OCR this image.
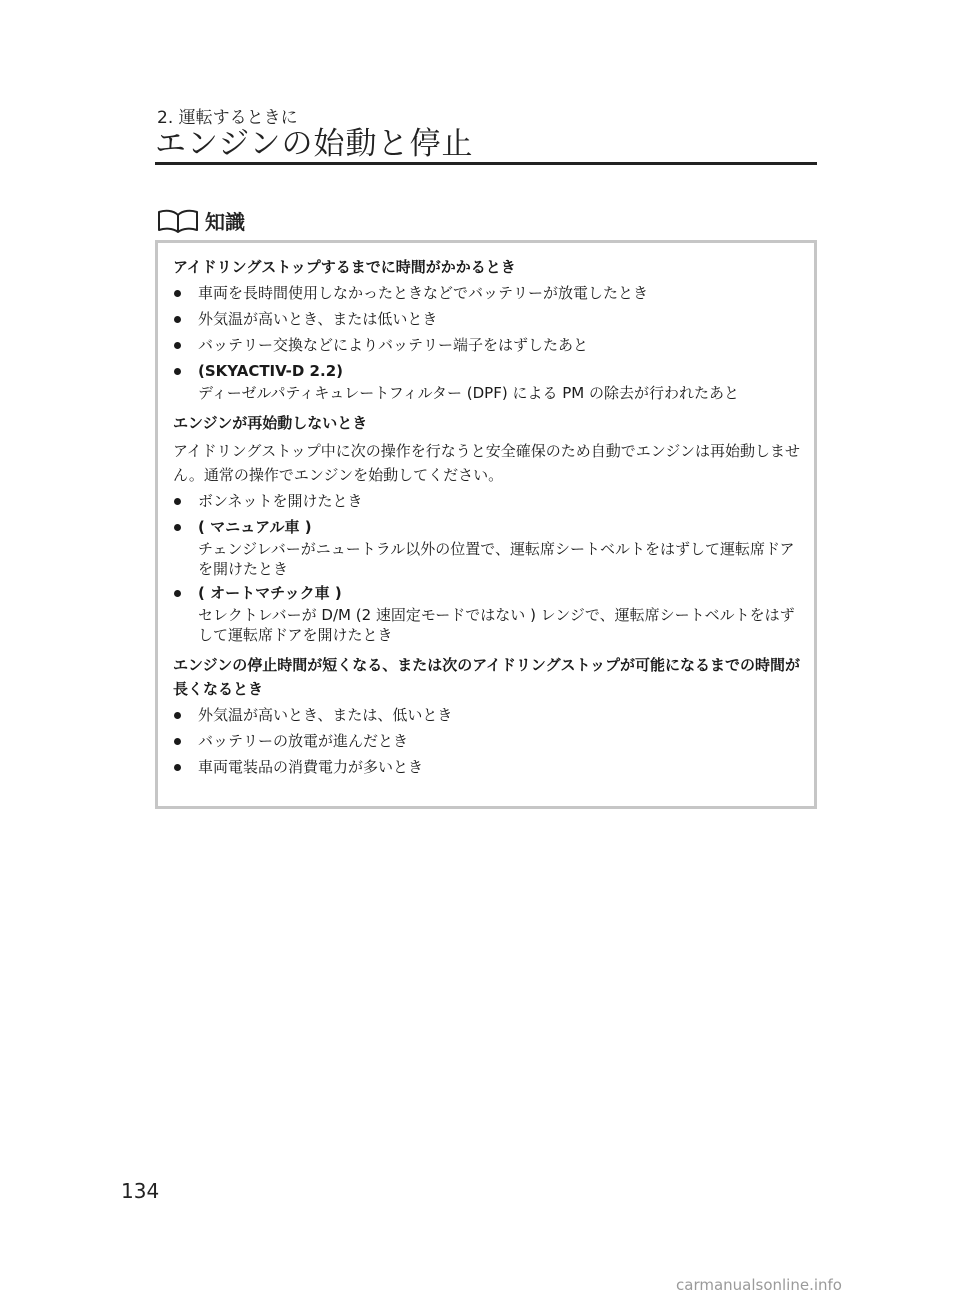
2. 運転するときに
エンジンの始動と停止
知識

アイドリングストップするまでに時間がかかるとき

車両を長時間使用しなかったときなどでバッテリーが放電したとき
外気温が高いとき、または低いとき
バッテリー交換などによりバッテリー端子をはずしたあと
(SKYACTIV-D 2.2)
ディーゼルパティキュレートフィルター (DPF) による PM の除去が行われたあと

エンジンが再始動しないとき

アイドリングストップ中に次の操作を行なうと安全確保のため自動でエンジンは再始動しません。通常の操作でエンジンを始動してください。
ボンネットを開けたとき
( マニュアル車 )
チェンジレバーがニュートラル以外の位置で、運転席シートベルトをはずして運転席ドアを開けたとき
( オートマチック車 )
セレクトレバーが D/M (2 速固定モードではない ) レンジで、運転席シートベルトをはずして運転席ドアを開けたとき

エンジンの停止時間が短くなる、または次のアイドリングストップが可能になるまでの時間が長くなるとき

外気温が高いとき、または、低いとき
バッテリーの放電が進んだとき
車両電装品の消費電力が多いとき
134
carmanualsonline.info
